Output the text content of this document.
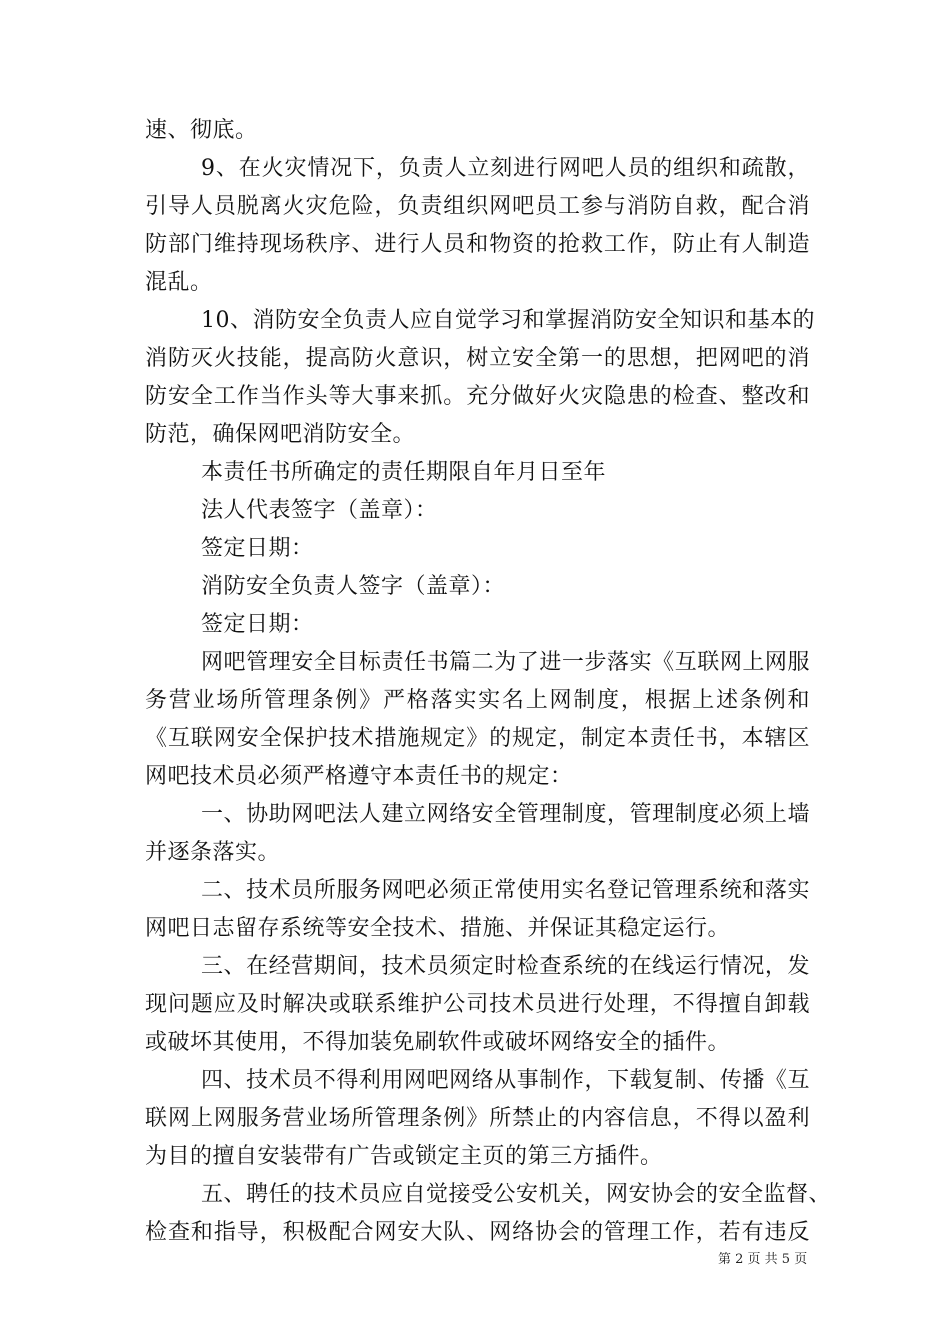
速、彻底。
9、在火灾情况下，负责人立刻进行网吧人员的组织和疏散，
引导人员脱离火灾危险，负责组织网吧员工参与消防自救，配合消
防部门维持现场秩序、进行人员和物资的抢救工作，防止有人制造
混乱。
10、消防安全负责人应自觉学习和掌握消防安全知识和基本的
消防灭火技能，提高防火意识，树立安全第一的思想，把网吧的消
防安全工作当作头等大事来抓。充分做好火灾隐患的检查、整改和
防范，确保网吧消防安全。
本责任书所确定的责任期限自年月日至年
法人代表签字（盖章）：
签定日期：
消防安全负责人签字（盖章）：
签定日期：
网吧管理安全目标责任书篇二为了进一步落实《互联网上网服
务营业场所管理条例》严格落实实名上网制度，根据上述条例和
《互联网安全保护技术措施规定》的规定，制定本责任书，本辖区
网吧技术员必须严格遵守本责任书的规定：
一、协助网吧法人建立网络安全管理制度，管理制度必须上墙
并逐条落实。
二、技术员所服务网吧必须正常使用实名登记管理系统和落实
网吧日志留存系统等安全技术、措施、并保证其稳定运行。
三、在经营期间，技术员须定时检查系统的在线运行情况，发
现问题应及时解决或联系维护公司技术员进行处理，不得擅自卸载
或破坏其使用，不得加装免刷软件或破坏网络安全的插件。
四、技术员不得利用网吧网络从事制作，下载复制、传播《互
联网上网服务营业场所管理条例》所禁止的内容信息，不得以盈利
为目的擅自安装带有广告或锁定主页的第三方插件。
五、聘任的技术员应自觉接受公安机关，网安协会的安全监督、
检查和指导，积极配合网安大队、网络协会的管理工作，若有违反
第 2 页 共 5 页
